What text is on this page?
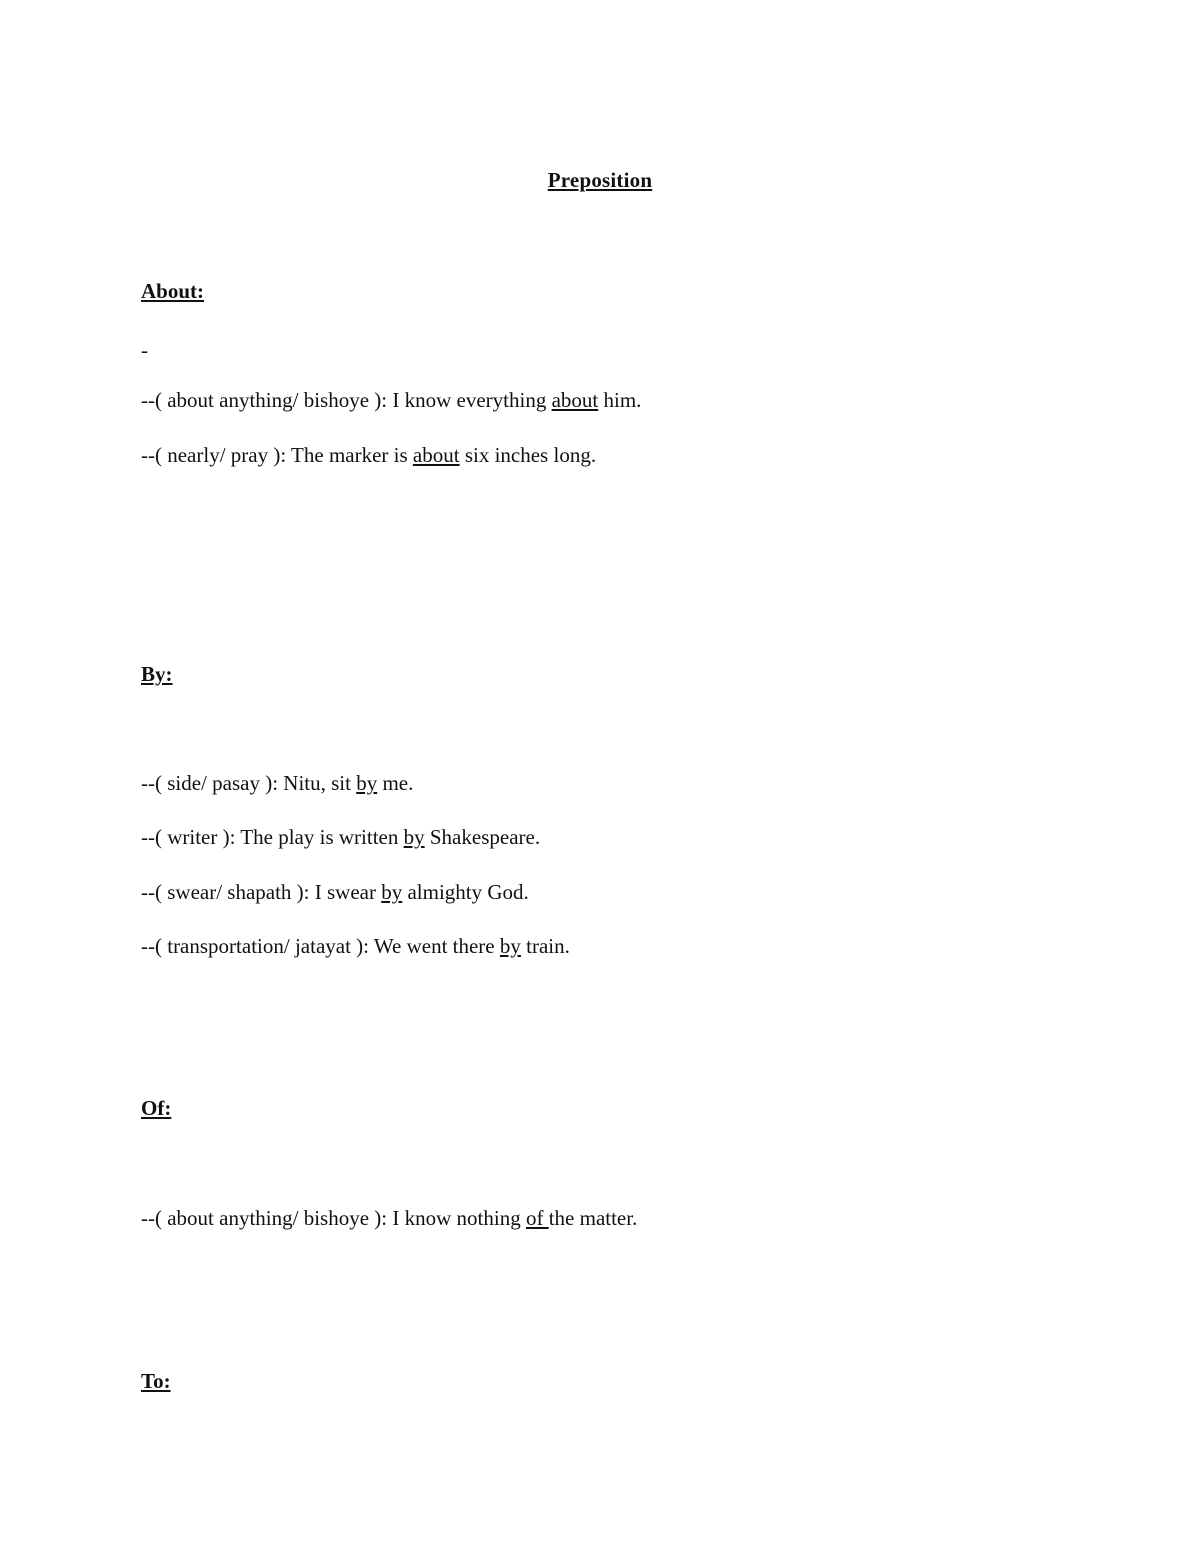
Preposition
About:
-
--( about anything/ bishoye ): I know everything about him.
--( nearly/ pray ): The marker is about six inches long.
By:
--( side/ pasay ): Nitu, sit by me.
--( writer ): The play is written by Shakespeare.
--( swear/ shapath ): I swear by almighty God.
--( transportation/ jatayat ): We went there by train.
Of:
--( about anything/ bishoye ): I know nothing of the matter.
To:
